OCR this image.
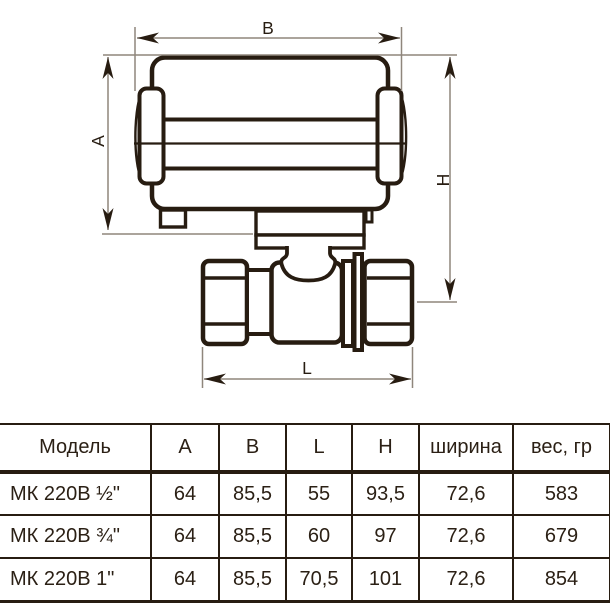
B
A
H
L
Модель	A	B	L	H	ширина	вес, гр
МК 220В ½"	64	85,5	55	93,5	72,6	583
МК 220В ¾"	64	85,5	60	97	72,6	679
МК 220В 1"	64	85,5	70,5	101	72,6	854
